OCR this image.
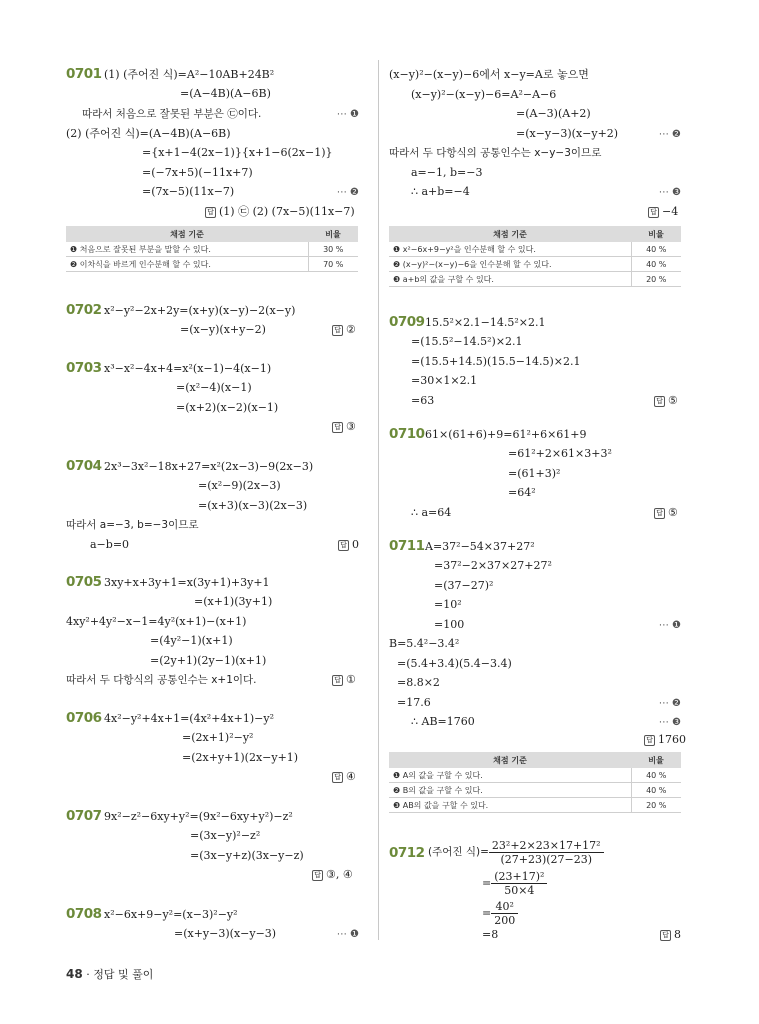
0701 (1) (주어진 식)=A²−10AB+24B²
=(A−4B)(A−6B)
따라서 처음으로 잘못된 부분은 ㉢이다.	⋯ ❶
(2) (주어진 식)=(A−4B)(A−6B)
={x+1−4(2x−1)}{x+1−6(2x−1)}
=(−7x+5)(−11x+7)
=(7x−5)(11x−7)	⋯ ❷
답 (1) ㉢ (2) (7x−5)(11x−7)
채점 기준	비율
❶ 처음으로 잘못된 부분을 말할 수 있다.	30 %
❷ 이차식을 바르게 인수분해 할 수 있다.	70 %
0702 x²−y²−2x+2y=(x+y)(x−y)−2(x−y)
=(x−y)(x+y−2)	답 ②
0703 x³−x²−4x+4=x²(x−1)−4(x−1)
=(x²−4)(x−1)
=(x+2)(x−2)(x−1)
답 ③
0704 2x³−3x²−18x+27=x²(2x−3)−9(2x−3)
=(x²−9)(2x−3)
=(x+3)(x−3)(2x−3)
따라서 a=−3, b=−3이므로
a−b=0	답 0
0705 3xy+x+3y+1=x(3y+1)+3y+1
=(x+1)(3y+1)
4xy²+4y²−x−1=4y²(x+1)−(x+1)
=(4y²−1)(x+1)
=(2y+1)(2y−1)(x+1)
따라서 두 다항식의 공통인수는 x+1이다.	답 ①
0706 4x²−y²+4x+1=(4x²+4x+1)−y²
=(2x+1)²−y²
=(2x+y+1)(2x−y+1)
답 ④
0707 9x²−z²−6xy+y²=(9x²−6xy+y²)−z²
=(3x−y)²−z²
=(3x−y+z)(3x−y−z)
답 ③, ④
0708 x²−6x+9−y²=(x−3)²−y²
=(x+y−3)(x−y−3)	⋯ ❶
(x−y)²−(x−y)−6에서 x−y=A로 놓으면
(x−y)²−(x−y)−6=A²−A−6
=(A−3)(A+2)
=(x−y−3)(x−y+2)	⋯ ❷
따라서 두 다항식의 공통인수는 x−y−3이므로
a=−1, b=−3
∴ a+b=−4	⋯ ❸
답 −4
채점 기준	비율
❶ x²−6x+9−y²을 인수분해 할 수 있다.	40 %
❷ (x−y)²−(x−y)−6을 인수분해 할 수 있다.	40 %
❸ a+b의 값을 구할 수 있다.	20 %
0709 15.5²×2.1−14.5²×2.1
=(15.5²−14.5²)×2.1
=(15.5+14.5)(15.5−14.5)×2.1
=30×1×2.1
=63	답 ⑤
0710 61×(61+6)+9=61²+6×61+9
=61²+2×61×3+3²
=(61+3)²
=64²
∴ a=64	답 ⑤
0711 A=37²−54×37+27²
=37²−2×37×27+27²
=(37−27)²
=10²
=100	⋯ ❶
B=5.4²−3.4²
=(5.4+3.4)(5.4−3.4)
=8.8×2
=17.6	⋯ ❷
∴ AB=1760	⋯ ❸
답 1760
채점 기준	비율
❶ A의 값을 구할 수 있다.	40 %
❷ B의 값을 구할 수 있다.	40 %
❸ AB의 값을 구할 수 있다.	20 %
0712 (주어진 식)= $\frac{\text{23²+2×23×17+17²}}{(27+23)(27-23)}$
= $\frac{\text{(23+17)²}}{50\times 4}$
= $\frac{\text{40²}}{200}$
=8	답 8
48 · 정답 및 풀이
